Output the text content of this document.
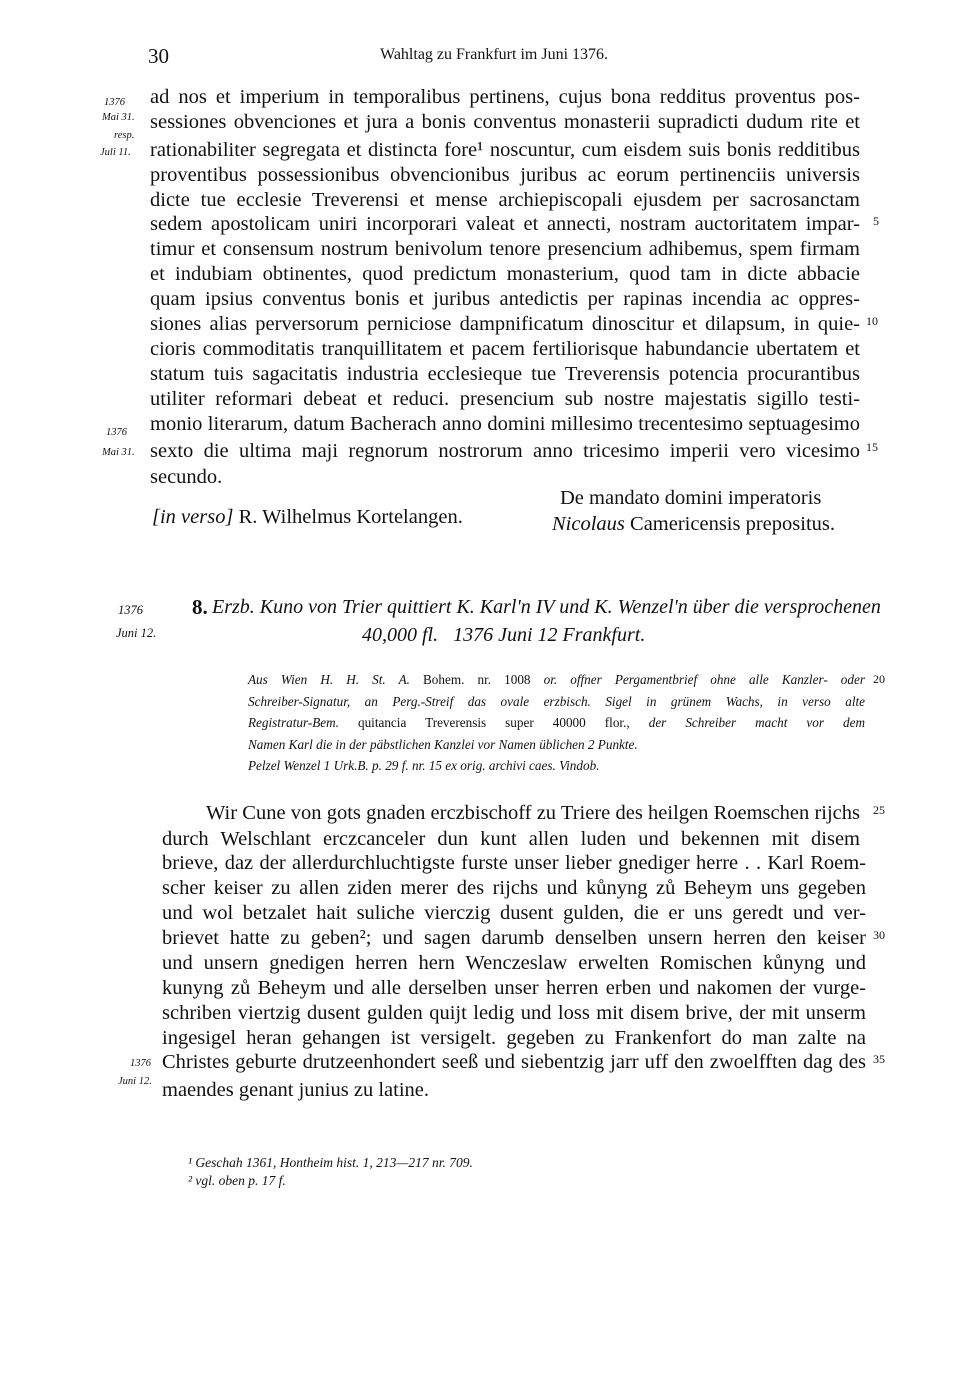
30	Wahltag zu Frankfurt im Juni 1376.
1376
Mai 31.
resp.
Juli 11.
ad nos et imperium in temporalibus pertinens, cujus bona redditus proventus pos-
sessiones obvenciones et jura a bonis conventus monasterii supradicti dudum rite et
rationabiliter segregata et distincta fore¹ noscuntur, cum eisdem suis bonis redditibus
proventibus possessionibus obvencionibus juribus ac eorum pertinenciis universis
dicte tue ecclesie Treverensi et mense archiepiscopali ejusdem per sacrosanctam
sedem apostolicam uniri incorporari valeat et annecti, nostram auctoritatem impar-
timur et consensum nostrum benivolum tenore presencium adhibemus, spem firmam
et indubiam obtinentes, quod predictum monasterium, quod tam in dicte abbacie
quam ipsius conventus bonis et juribus antedictis per rapinas incendia ac oppres-
siones alias perversorum perniciose dampnificatum dinoscitur et dilapsum, in quie-
cioris commoditatis tranquillitatem et pacem fertiliorisque habundancie ubertatem et
statum tuis sagacitatis industria ecclesieque tue Treverensis potencia procurantibus
utiliter reformari debeat et reduci. presencium sub nostre majestatis sigillo testi-
monio literarum, datum Bacherach anno domini millesimo trecentesimo septuagesimo
sexto die ultima maji regnorum nostrorum anno tricesimo imperii vero vicesimo
secundo.
5
10
15
1376
Mai 31.
[in verso] R. Wilhelmus Kortelangen.
De mandato domini imperatoris
Nicolaus Camericensis prepositus.
1376
Juni 12.
8. Erzb. Kuno von Trier quittiert K. Karl'n IV und K. Wenzel'n über die versprochenen
40,000 fl.   1376 Juni 12 Frankfurt.
Aus Wien H. H. St. A. Bohem. nr. 1008 or. offner Pergamentbrief ohne alle Kanzler- oder 20
Schreiber-Signatur, an Perg.-Streif das ovale erzbisch. Sigel in grünem Wachs, in verso alte
Registratur-Bem. quitancia Treverensis super 40000 flor., der Schreiber macht vor dem
Namen Karl die in der päbstlichen Kanzlei vor Namen üblichen 2 Punkte.
Pelzel Wenzel 1 Urk.B. p. 29 f. nr. 15 ex orig. archivi caes. Vindob.
Wir Cune von gots gnaden erczbischoff zu Triere des heilgen Roemschen rijchs
durch Welschlant erczcanceler dun kunt allen luden und bekennen mit disem
brieve, daz der allerdurchluchtigste furste unser lieber gnediger herre . . Karl Roem-
scher keiser zu allen ziden merer des rijchs und kůnyng zů Beheym uns gegeben
und wol betzalet hait suliche vierczig dusent gulden, die er uns geredt und ver-
brievet hatte zu geben²; und sagen darumb denselben unsern herren den keiser
und unsern gnedigen herren hern Wenczeslaw erwelten Romischen kůnyng und
kunyng zů Beheym und alle derselben unser herren erben und nakomen der vurge-
schriben viertzig dusent gulden quijt ledig und loss mit disem brive, der mit unserm
ingesigel heran gehangen ist versigelt. gegeben zu Frankenfort do man zalte na
Christes geburte drutzeenhondert seeß und siebentzig jarr uff den zwoelfften dag des
maendes genant junius zu latine.
25
30
35
1376
Juni 12.
¹ Geschah 1361, Hontheim hist. 1, 213—217 nr. 709.
² vgl. oben p. 17 f.
